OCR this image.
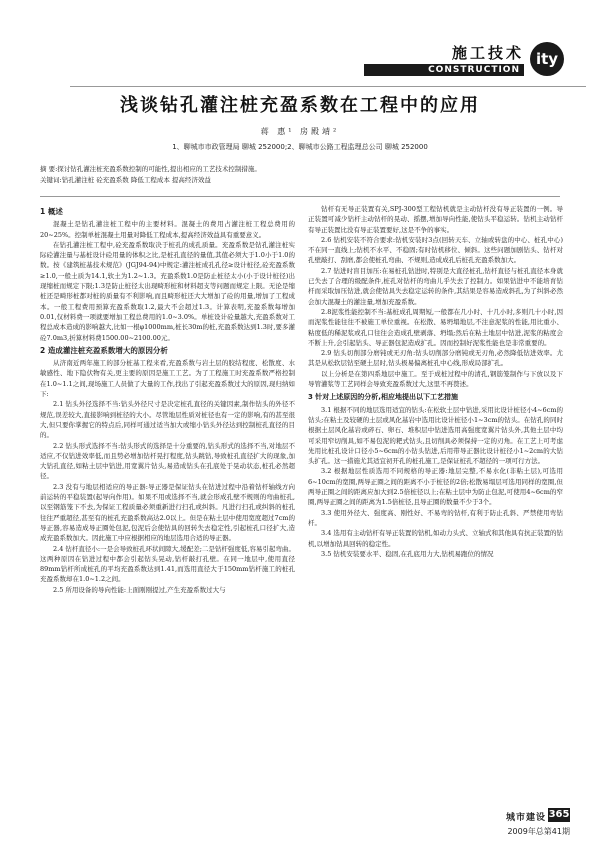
施工技术
CONSTRUCTION
ity
浅谈钻孔灌注桩充盈系数在工程中的应用
蒋 惠¹ 房殿靖²
1、聊城市市政管理局 聊城 252000;2、聊城市公路工程监理总公司 聊城 252000
摘 要:探讨钻孔灌注桩充盈系数控制的可能性,提出相应的工艺技术控制措施。
关键词:钻孔灌注桩 砼充盈系数 降低工程成本 提高经济效益
1 概述

混凝土是钻孔灌注桩工程中的主要材料。混凝土的费用占灌注桩工程总费用的20~25%。控制单桩混凝土用量对降低工程成本,提高经济效益具有重要意义。

在钻孔灌注桩工程中,砼充盈系数取决于桩孔的成孔质量。充盈系数是钻孔灌注桩实际砼灌注量与基桩设计砼用量的体积之比,是桩孔直径的量值,其值必须大于1.0小于1.0的数。按《建筑桩基技术规范》(JGJ94-94)中规定:灌注桩成孔孔径≥设计桩径,砼充盈系数≥1.0,一般土质为14.1,软土为1.2~1.3。充盈系数1.0是防止桩径太小(小于设计桩径)出现缩桩而规定下限;1.3是防止桩径太出现畸形桩和材料超支等问题而规定上限。无论是缩桩还是畸形桩都对桩的质量有不利影响,而且畸形桩还大大增加了砼的用量,增加了工程成本。一般工程费用预算充盈系数取1.2,最大不会超过1.3。计算表明,充盈系数每增加0.01,仅材料费一项就要增加工程总费用的1.0~3.0%。单桩设计砼量越大,充盈系数对工程总成本造成的影响越大,比如一根φ1000mm,桩长30m的桩,充盈系数达到1.3时,要多灌砼7.0m3,折算材料费1500.00~2100.00元。

2 造成灌注桩充盈系数增大的原因分析

从济南近两年施工的部分桩基工程来看,充盈系数与岩土层的胶结程度、松散度、水敏感性、地下隐伏物有关,更主要的原因是施工工艺。为了工程施工时充盈系数严格控制在1.0~1.1之间,现场施工人员做了大量的工作,找出了引起充盈系数过大的原因,现归纳如下:

2.1 钻头外径选择不当:钻头外径尺寸是决定桩孔直径的关键因素,制作钻头的外径不规范,误差较大,直接影响到桩径的大小。尽管地层性质对桩径也有一定的影响,有的甚至很大,但只要你掌握它的特点后,同样可通过适当加大或缩小钻头外径达到控制桩孔直径的目的。

2.2 钻头形式选择不当:钻头形式的选择是十分重要的,钻头形式的选择不当,对地层不适应,不仅钻进效率低,而且势必增加钻杆晃打程度,钻头跳钻,导致桩孔直径扩大的现象,加大钻孔直径,如粘土层中钻进,用宽翼片钻头,易造成钻头在孔底处于晃动状态,桩孔必然超径。

2.3 没有与地层相适应的导正器:导正器是保证钻头在钻进过程中沿着钻杆轴线方向前运转的平稳装置(起导向作用)。如果不用或选择不当,就会形成孔壁不规则的弯曲桩孔,以至钢筋笼下不去,为保证工程质量必须重新进行扫孔或纠斜。凡进行扫孔或纠斜的桩孔往往严重超径,甚至有的桩孔充盈系数高达2.0以上。但是在粘土层中使用宽度超过7cm的导正器,容易造成导正圈处包泥,包泥后会使钻具的回转失去稳定性,引起桩孔口径扩大,造成充盈系数加大。因此施工中应根据相应的地层选用合适的导正器。

2.4 钻杆直径小:一是会导致桩孔环状间隙大,缓配差;二是钻杆强度低,容易引起弯曲。这两种原因在钻进过程中都会引起钻头晃动,钻杆敲打孔壁。在同一地层中,使用直径89mm钻杆所成桩孔的平均充盈系数达到1.41,而选用直径大于150mm钻杆施工的桩孔充盈系数却在1.0~1.2之间。

2.5 所用设备的导向性能:上面刚刚提过,产生充盈系数过大与

钻杆有无导正装置有关,SPJ-300型工程钻机就是主动钻杆没有导正装置的一例。导正装置可减少钻杆主动钻杆的晃动、摇摆,增加导向性能,使钻头平稳运转。钻机主动钻杆有导正装置比没有导正装置要好,这是不争的事实。

2.6 钻机安装不符合要求:钻机安装时3点(回转天车、立轴或转盘的中心、桩孔中心)不在同一直线上;钻机不水平、不稳固;有时钻机移位、倾斜。这些问题加剧钻头、钻杆对孔壁敲打、刮磨,都会使桩孔弯曲、不规则,造成成孔后桩孔充盈系数加大。

2.7 钻进时盲目加压:在易桩孔钻进时,特别是大直径桩孔,钻杆直径与桩孔直径本身就已失去了合理的级配条件,桩孔对钻杆的弯曲儿乎失去了控制力。如果钻进中不能培育钻杆而采取加压钻进,就会使钻具失去稳定运转的条件,其结果是容易造成斜孔,为了纠斜必然会加大混凝土的灌注量,增加充盈系数。

2.8泥浆性能控制不当:基桩成孔周期短,一般都在几小时、十几小时,多则几十小时,因而泥浆性能往往不被施工单位重视。在松散、易坍塌地层,不注意泥浆的性能,用比重小、粘度低的稀泥浆或孔口往往会造成孔壁剥落、坍塌;然后在粘土地层中钻进,泥浆的粘度会不断上升,会引起钻头、导正器包泥造成扩孔。因而控制好泥浆性能也是非常重要的。

2.9 钻头切削部分磨钝或无刃角:钻头切削部分磨钝或无刃角,必然降低钻进效率。尤其是从松软层钻至硬土层时,钻头极易偏离桩孔中心线,形成局部扩孔。

以上分析是在第四系地层中施工。至于成桩过程中的清孔,钢筋笼制作与下放以及下导管灌浆等工艺同样会导致充盈系数过大,这里不再赘述。

3 针对上述原因的分析,相应地提出以下工艺措施

3.1 根据不同的地层选用适宜的钻头:在松软土层中钻进,采用比设计桩径小4~6cm的钻头;在粘土及较硬的土层或风化基岩中选用比设计桩径小1~3cm的钻头。在钻孔的同时根据土层风化基岩或碎石、卵石、堆积层中钻进选用高强度宽翼片钻头外,其他土层中均可采用窄切削具,如不易包泥的耙式钻头,且切削具必须保持一定的刃角。在工艺上可考虑先用比桩孔设计口径小5~6cm的小钻头钻进,后用带导正器比设计桩径小1~2cm的大钻头扩孔。这一措施尤其适宜初开孔的桩孔施工,是保证桩孔不超径的一项可行方法。

3.2 根据地层性质选用不同规格的导正器:地层完整,不易水化(非粘土层),可选用6~10cm的宽圈,两导正圈之间的距离不小于桩径的2倍;松散易塌层可选用同样的宽圈,但两导正圈之间的距离应加大到2.5倍桩径以上;在粘土层中为防止包泥,可使用4~6cm的窄圈,两导正圈之间的距离为1.5倍桩径,且导正圈的数量不少于3个。

3.3 使用外径大、强度高、刚性好、不易弯的钻杆,有利于防止孔斜、严禁使用弯钻杆。

3.4 选用有主动钻杆有导正装置的钻机,如动力头式、立轴式和其他具有抗正装置的钻机,以增加钻具回转的稳定性。

3.5 钻机安装要水平、稳固,在孔底用力大,钻机易跑位的情况

城市建设 365
2009年总第41期
